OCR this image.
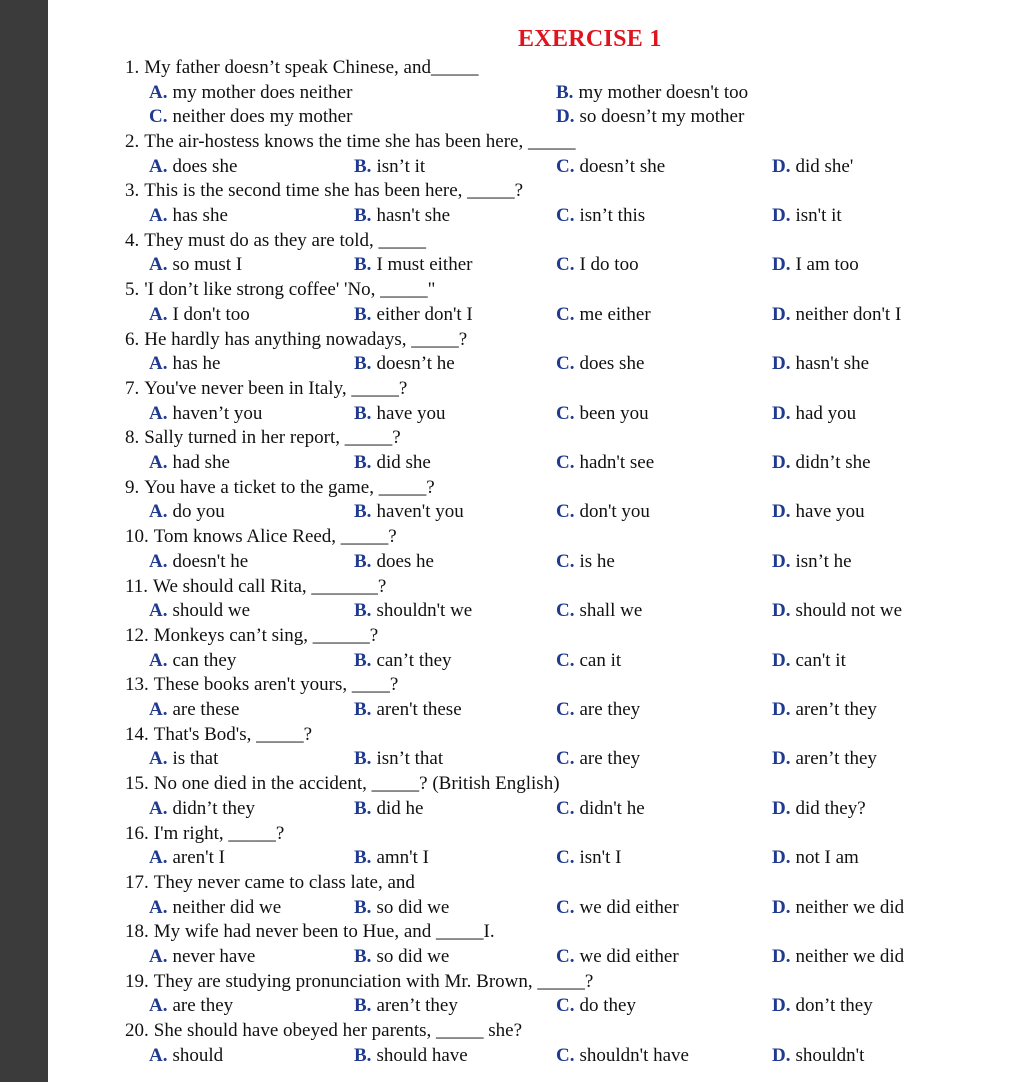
EXERCISE 1
1. My father doesn’t speak Chinese, and_____
A. my mother does neither	B. my mother doesn't too
C. neither does my mother	D. so doesn’t my mother
2. The air-hostess knows the time she has been here, _____
A. does she	B. isn’t it	C. doesn’t she	D. did she'
3. This is the second time she has been here, _____?
A. has she	B. hasn't she	C. isn’t this	D. isn't it
4. They must do as they are told, _____
A. so must I	B. I must either	C. I do too	D. I am too
5. 'I don’t like strong coffee' 'No, _____"
A. I don't too	B. either don't I	C. me either	D. neither don't I
6. He hardly has anything nowadays, _____?
A. has he	B. doesn’t he	C. does she	D. hasn't she
7. You've never been in Italy, _____?
A. haven’t you	B. have you	C. been you	D. had you
8. Sally turned in her report, _____?
A. had she	B. did she	C. hadn't see	D. didn’t she
9. You have a ticket to the game, _____?
A. do you	B. haven't you	C. don't you	D. have you
10. Tom knows Alice Reed, _____?
A. doesn't he	B. does he	C. is he	D. isn’t he
11. We should call Rita, _______?
A. should we	B. shouldn't we	C. shall we	D. should not we
12. Monkeys can’t sing, ______?
A. can they	B. can’t they	C. can it	D. can't it
13. These books aren't yours, ____?
A. are these	B. aren't these	C. are they	D. aren’t they
14. That's Bod's, _____?
A. is that	B. isn’t that	C. are they	D. aren’t they
15. No one died in the accident, _____? (British English)
A. didn’t they	B. did he	C. didn't he	D. did they?
16. I'm right, _____?
A. aren't I	B. amn't I	C. isn't I	D. not I am
17. They never came to class late, and
A. neither did we	B. so did we	C. we did either	D. neither we did
18. My wife had never been to Hue, and _____I.
A. never have	B. so did we	C. we did either	D. neither we did
19. They are studying pronunciation with Mr. Brown, _____?
A. are they	B. aren’t they	C. do they	D. don’t they
20. She should have obeyed her parents, _____ she?
A. should	B. should have	C. shouldn't have	D. shouldn't
